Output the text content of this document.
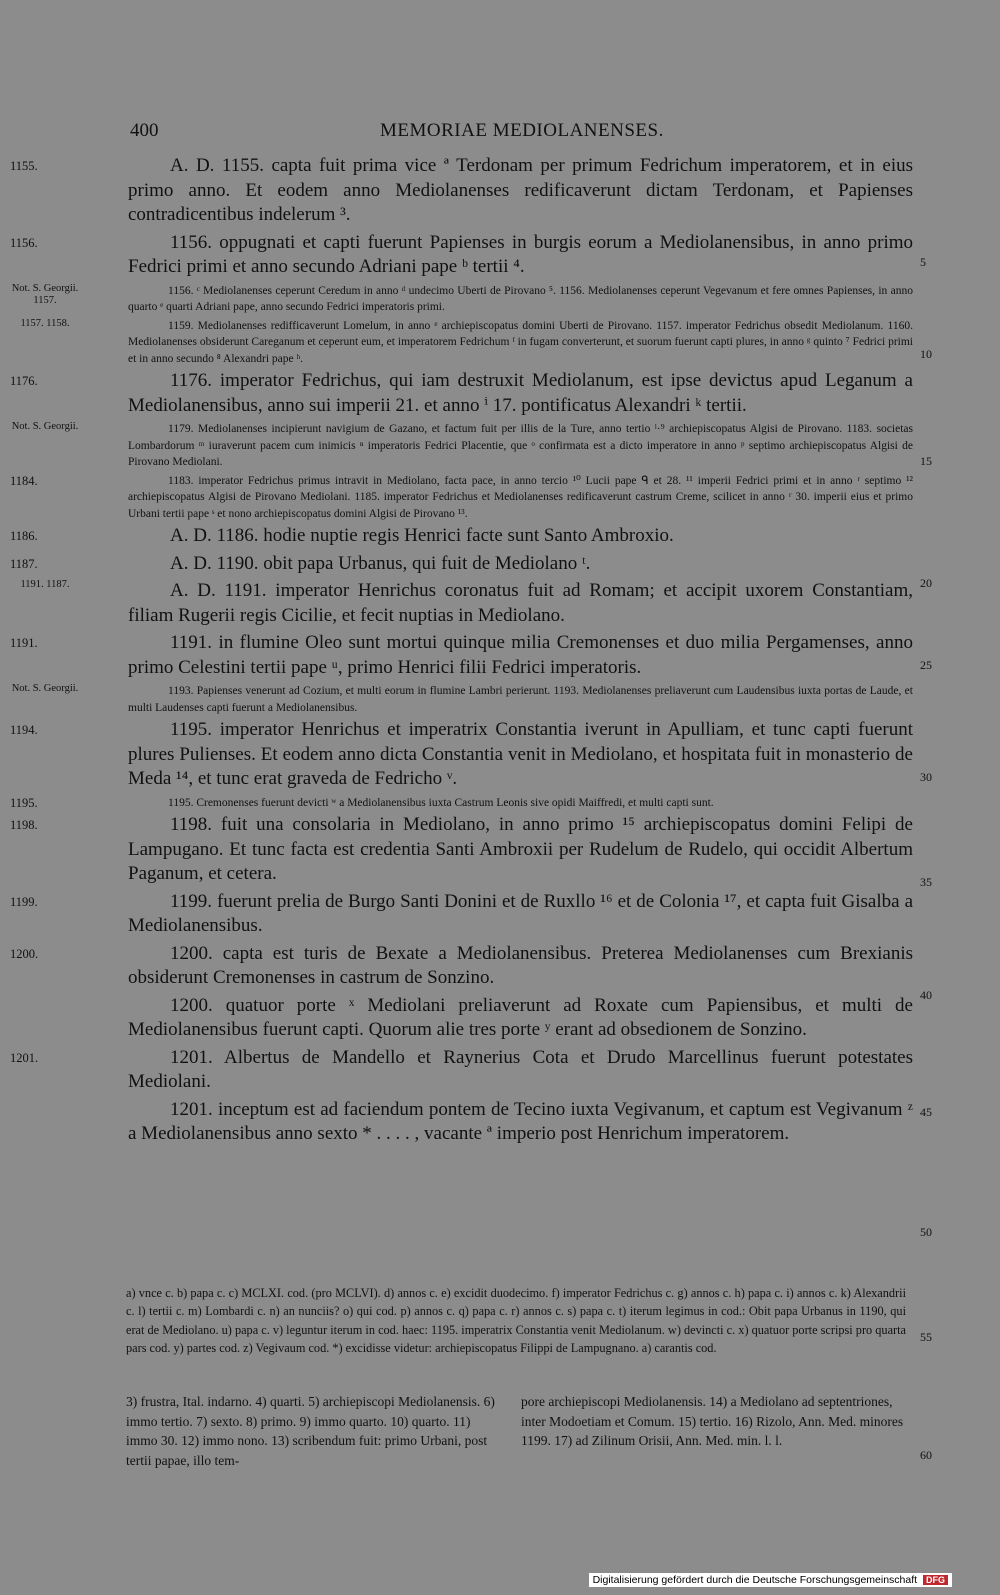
400	MEMORIAE MEDIOLANENSES.
1155.	A. D. 1155. capta fuit prima vice ª Terdonam per primum Fedrichum imperatorem, et in eius primo anno. Et eodem anno Mediolanenses redificaverunt dictam Terdonam, et Papienses contradicentibus indelerum ³.
1156.	1156. oppugnati et capti fuerunt Papienses in burgis eorum a Mediolanensibus, in anno primo Fedrici primi et anno secundo Adriani pape ᵇ tertii ⁴.
Not. S. Georgii. 1157.
1156. ᶜ Mediolanenses ceperunt Ceredum in anno ᵈ undecimo Uberti de Pirovano ⁵. 1156. Mediolanenses ceperunt Vegevanum et fere omnes Papienses, in anno quarto ᵉ quarti Adriani pape, anno secundo Fedrici imperatoris primi.
1157. 1158.	1159. Mediolanenses redifficaverunt Lomelum, in anno ᵉ archiepiscopatus domini Uberti de Pirovano. 1157. imperator Fedrichus obsedit Mediolanum. 1160. Mediolanenses obsiderunt Careganum et ceperunt eum, et imperatorem Fedrichum ᶠ in fugam converterunt, et suorum fuerunt capti plures, in anno ᵍ quinto ⁷ Fedrici primi et in anno secundo ⁸ Alexandri pape ʰ.
1176.	1176. imperator Fedrichus, qui iam destruxit Mediolanum, est ipse devictus apud Leganum a Mediolanensibus, anno sui imperii 21. et anno ⁱ 17. pontificatus Alexandri ᵏ tertii.
Not. S. Georgii.	1179. Mediolanenses incipierunt navigium de Gazano, et factum fuit per illis de la Ture, anno tertio ˡ·⁹ archiepiscopatus Algisi de Pirovano. 1183. societas Lombardorum ᵐ iuraverunt pacem cum inimicis ⁿ imperatoris Fedrici Placentie, que ᵒ confirmata est a dicto imperatore in anno ᵖ septimo archiepiscopatus Algisi de Pirovano Mediolani.
1184.	1183. imperator Fedrichus primus intravit in Mediolano, facta pace, in anno tercio ¹⁰ Lucii pape ᑫ et 28. ¹¹ imperii Fedrici primi et in anno ʳ septimo ¹² archiepiscopatus Algisi de Pirovano Mediolani. 1185. imperator Fedrichus et Mediolanenses redificaverunt castrum Creme, scilicet in anno ʳ 30. imperii eius et primo Urbani tertii pape ˢ et nono archiepiscopatus domini Algisi de Pirovano ¹³.
1186.	A. D. 1186. hodie nuptie regis Henrici facte sunt Santo Ambroxio.
1187.	A. D. 1190. obit papa Urbanus, qui fuit de Mediolano ᵗ.
1191. 1187.	A. D. 1191. imperator Henrichus coronatus fuit ad Romam; et accipit uxorem Constantiam, filiam Rugerii regis Cicilie, et fecit nuptias in Mediolano.
1191.	1191. in flumine Oleo sunt mortui quinque milia Cremonenses et duo milia Pergamenses, anno primo Celestini tertii pape ᵘ, primo Henrici filii Fedrici imperatoris.
Not. S. Georgii.	1193. Papienses venerunt ad Cozium, et multi eorum in flumine Lambri perierunt. 1193. Mediolanenses preliaverunt cum Laudensibus iuxta portas de Laude, et multi Laudenses capti fuerunt a Mediolanensibus.
1194.	1195. imperator Henrichus et imperatrix Constantia iverunt in Apulliam, et tunc capti fuerunt plures Pulienses. Et eodem anno dicta Constantia venit in Mediolano, et hospitata fuit in monasterio de Meda ¹⁴, et tunc erat graveda de Fedricho ᵛ.
1195.	1195. Cremonenses fuerunt devicti ʷ a Mediolanensibus iuxta Castrum Leonis sive opidi Maiffredi, et multi capti sunt.
1198.	1198. fuit una consolaria in Mediolano, in anno primo ¹⁵ archiepiscopatus domini Felipi de Lampugano. Et tunc facta est credentia Santi Ambroxii per Rudelum de Rudelo, qui occidit Albertum Paganum, et cetera.
1199.	1199. fuerunt prelia de Burgo Santi Donini et de Ruxllo ¹⁶ et de Colonia ¹⁷, et capta fuit Gisalba a Mediolanensibus.
1200.	1200. capta est turis de Bexate a Mediolanensibus. Preterea Mediolanenses cum Brexianis obsiderunt Cremonenses in castrum de Sonzino.
1200. quatuor porte ˣ Mediolani preliaverunt ad Roxate cum Papiensibus, et multi de Mediolanensibus fuerunt capti. Quorum alie tres porte ʸ erant ad obsedionem de Sonzino.
1201.	1201. Albertus de Mandello et Raynerius Cota et Drudo Marcellinus fuerunt potestates Mediolani.
1201. inceptum est ad faciendum pontem de Tecino iuxta Vegivanum, et captum est Vegivanum ᶻ a Mediolanensibus anno sexto * . . . . , vacante ª imperio post Henrichum imperatorem.
a) vnce c. b) papa c. c) MCLXI. cod. (pro MCLVI). d) annos c. e) excidit duodecimo. f) imperator Fedrichus c. g) annos c. h) papa c. i) annos c. k) Alexandrii c. l) tertii c. m) Lombardi c. n) an nunciis? o) qui cod. p) annos c. q) papa c. r) annos c. s) papa c. t) iterum legimus in cod.: Obit papa Urbanus in 1190, qui erat de Mediolano. u) papa c. v) leguntur iterum in cod. haec: 1195. imperatrix Constantia venit Mediolanum. w) devincti c. x) quatuor porte scripsi pro quarta pars cod. y) partes cod. z) Vegivaum cod. *) excidisse videtur: archiepiscopatus Filippi de Lampugnano. a) carantis cod.
3) frustra, Ital. indarno. 4) quarti. 5) archiepiscopi Mediolanensis. 6) immo tertio. 7) sexto. 8) primo. 9) immo quarto. 10) quarto. 11) immo 30. 12) immo nono. 13) scribendum fuit: primo Urbani, post tertii papae, illo tem-pore archiepiscopi Mediolanensis. 14) a Mediolano ad septentriones, inter Modoetiam et Comum. 15) tertio. 16) Rizolo, Ann. Med. minores 1199. 17) ad Zilinum Orisii, Ann. Med. min. l. l.
5
10
15
20
25
30
35
40
45
50
55
60
Digitalisierung gefördert durch die Deutsche Forschungsgemeinschaft DFG
